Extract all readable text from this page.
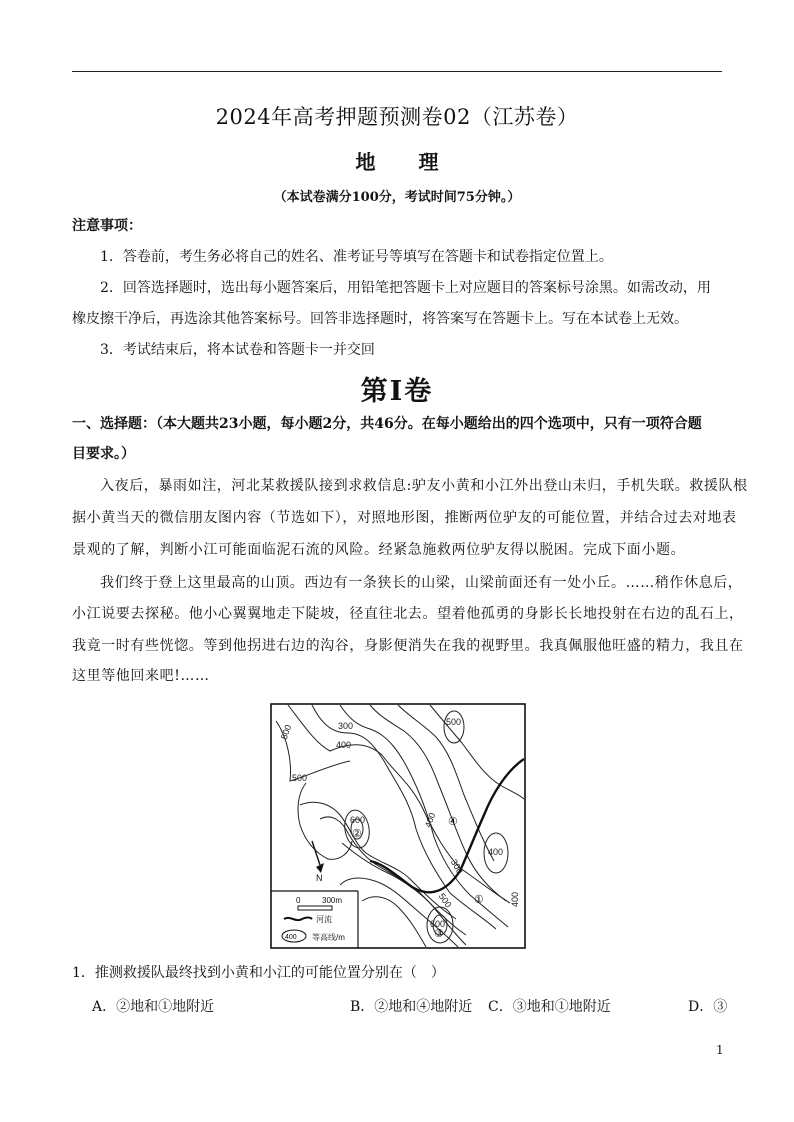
2024年高考押题预测卷02（江苏卷）
地 理
（本试卷满分100分，考试时间75分钟。）
注意事项：
1．答卷前，考生务必将自己的姓名、准考证号等填写在答题卡和试卷指定位置上。
2．回答选择题时，选出每小题答案后，用铅笔把答题卡上对应题目的答案标号涂黑。如需改动，用
橡皮擦干净后，再选涂其他答案标号。回答非选择题时，将答案写在答题卡上。写在本试卷上无效。
3．考试结束后，将本试卷和答题卡一并交回
第Ⅰ卷
一、选择题：（本大题共23小题，每小题2分，共46分。在每小题给出的四个选项中，只有一项符合题
目要求。）
入夜后，暴雨如注，河北某救援队接到求救信息:驴友小黄和小江外出登山未归，手机失联。救援队根
据小黄当天的微信朋友图内容（节选如下），对照地形图，推断两位驴友的可能位置，并结合过去对地表
景观的了解，判断小江可能面临泥石流的风险。经紧急施救两位驴友得以脱困。完成下面小题。
我们终于登上这里最高的山顶。西边有一条狭长的山梁，山梁前面还有一处小丘。……稍作休息后，
小江说要去探秘。他小心翼翼地走下陡坡，径直往北去。望着他孤勇的身影长长地投射在右边的乱石上，
我竟一时有些恍惚。等到他拐进右边的沟谷，身影便消失在我的视野里。我真佩服他旺盛的精力，我且在
这里等他回来吧!……
300
400
500
500
600	400
300
400
500
600
400
500
①
②
③
④
N
0	300m
河流
400 等高线/m
1．推测救援队最终找到小黄和小江的可能位置分别在（　）
A．②地和①地附近	B．②地和④地附近 C．③地和①地附近	D．③
1
